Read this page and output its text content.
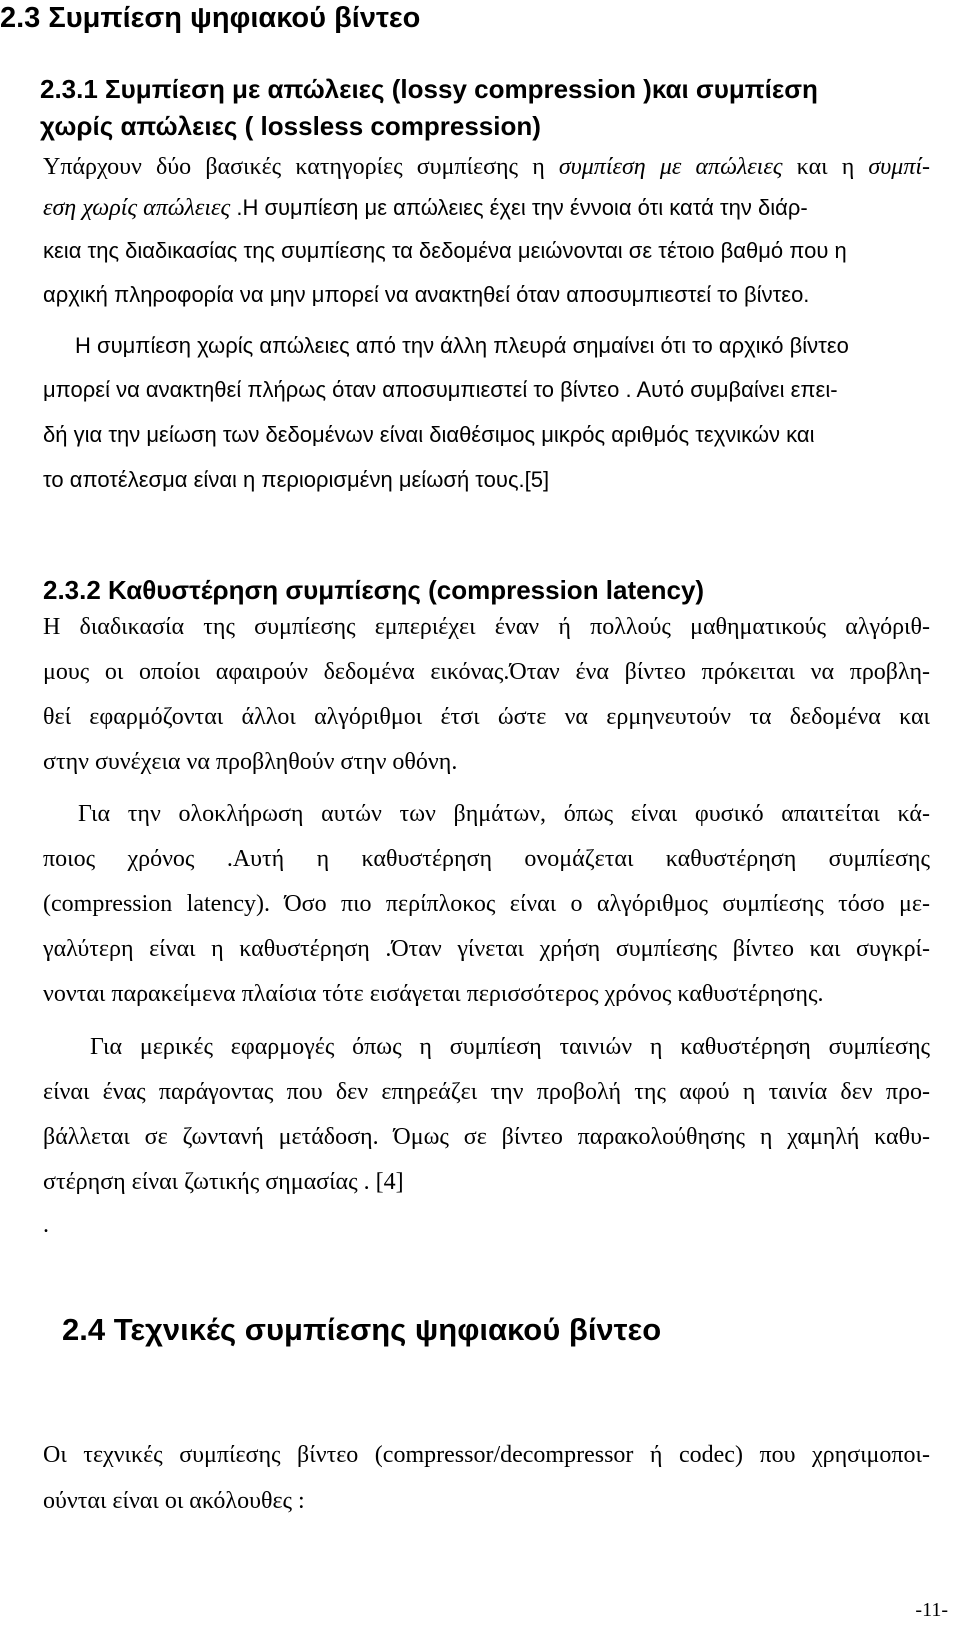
2.3 Συμπίεση ψηφιακού βίντεο
2.3.1 Συμπίεση με απώλειες (lossy compression )και συμπίεση
χωρίς απώλειες ( lossless compression)
Υπάρχουν δύο βασικές κατηγορίες συμπίεσης η συμπίεση με απώλειες και η συμπί-
εση χωρίς απώλειες .Η συμπίεση με απώλειες έχει την έννοια ότι κατά την διάρ-
κεια της διαδικασίας της συμπίεσης τα δεδομένα μειώνονται σε τέτοιο βαθμό που η
αρχική πληροφορία να μην μπορεί να ανακτηθεί όταν αποσυμπιεστεί το βίντεο.
Η συμπίεση χωρίς απώλειες από την άλλη πλευρά σημαίνει ότι το αρχικό βίντεο
μπορεί να ανακτηθεί πλήρως όταν αποσυμπιεστεί το βίντεο . Αυτό συμβαίνει επει-
δή για την μείωση των δεδομένων είναι διαθέσιμος μικρός αριθμός τεχνικών και
το αποτέλεσμα είναι η περιορισμένη μείωσή τους.[5]
2.3.2 Καθυστέρηση συμπίεσης (compression latency)
Η διαδικασία της συμπίεσης εμπεριέχει έναν ή πολλούς μαθηματικούς αλγόριθ-
μους οι οποίοι αφαιρούν δεδομένα εικόνας.Όταν ένα βίντεο πρόκειται να προβλη-
θεί εφαρμόζονται άλλοι αλγόριθμοι έτσι ώστε να ερμηνευτούν τα δεδομένα και
στην συνέχεια να προβληθούν στην οθόνη.
Για την ολοκλήρωση αυτών των βημάτων, όπως είναι φυσικό απαιτείται κά-
ποιος χρόνος .Αυτή η καθυστέρηση ονομάζεται καθυστέρηση συμπίεσης
(compression latency). Όσο πιο περίπλοκος είναι ο αλγόριθμος συμπίεσης τόσο με-
γαλύτερη είναι η καθυστέρηση .Όταν γίνεται χρήση συμπίεσης βίντεο και συγκρί-
νονται παρακείμενα πλαίσια τότε εισάγεται περισσότερος χρόνος καθυστέρησης.
Για μερικές εφαρμογές όπως η συμπίεση ταινιών η καθυστέρηση συμπίεσης
είναι ένας παράγοντας που δεν επηρεάζει την προβολή της αφού η ταινία δεν προ-
βάλλεται σε ζωντανή μετάδοση. Όμως σε βίντεο παρακολούθησης η χαμηλή καθυ-
στέρηση είναι ζωτικής σημασίας . [4]
.
2.4 Τεχνικές συμπίεσης ψηφιακού βίντεο
Οι τεχνικές συμπίεσης βίντεο (compressor/decompressor ή codec) που χρησιμοποι-
ούνται είναι οι ακόλουθες :
-11-
